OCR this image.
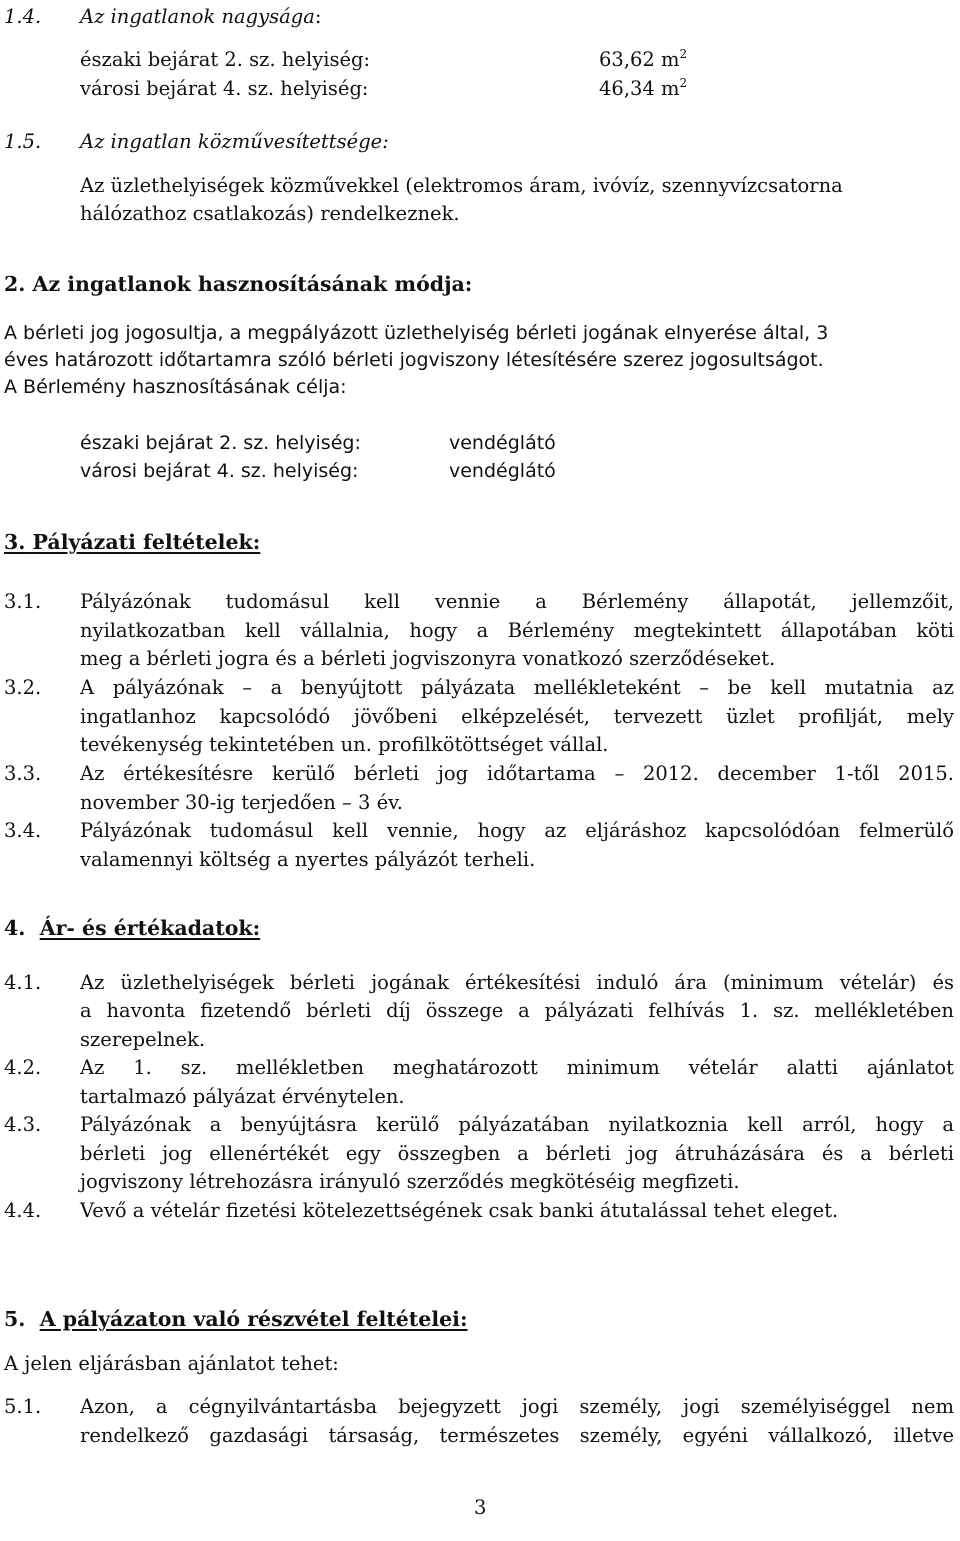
1.4. Az ingatlanok nagysága:
északi bejárat 2. sz. helyiség:	63,62 $m^2$
városi bejárat 4. sz. helyiség:	46,34 $m^2$
1.5. Az ingatlan közművesítettsége:
Az üzlethelyiségek közművekkel (elektromos áram, ivóvíz, szennyvízcsatorna
hálózathoz csatlakozás) rendelkeznek.
2. Az ingatlanok hasznosításának módja:
A bérleti jog jogosultja, a megpályázott üzlethelyiség bérleti jogának elnyerése által, 3
éves határozott időtartamra szóló bérleti jogviszony létesítésére szerez jogosultságot.
A Bérlemény hasznosításának célja:
északi bejárat 2. sz. helyiség:	vendéglátó
városi bejárat 4. sz. helyiség:	vendéglátó
3. Pályázati feltételek:
3.1. Pályázónak tudomásul kell vennie a Bérlemény állapotát, jellemzőit,
nyilatkozatban kell vállalnia, hogy a Bérlemény megtekintett állapotában köti
meg a bérleti jogra és a bérleti jogviszonyra vonatkozó szerződéseket.
3.2. A pályázónak – a benyújtott pályázata mellékleteként – be kell mutatnia az
ingatlanhoz kapcsolódó jövőbeni elképzelését, tervezett üzlet profilját, mely
tevékenység tekintetében un. profilkötöttséget vállal.
3.3. Az értékesítésre kerülő bérleti jog időtartama – 2012. december 1-től 2015.
november 30-ig terjedően – 3 év.
3.4. Pályázónak tudomásul kell vennie, hogy az eljáráshoz kapcsolódóan felmerülő
valamennyi költség a nyertes pályázót terheli.
4. Ár- és értékadatok:
4.1. Az üzlethelyiségek bérleti jogának értékesítési induló ára (minimum vételár) és
a havonta fizetendő bérleti díj összege a pályázati felhívás 1. sz. mellékletében
szerepelnek.
4.2. Az 1. sz. mellékletben meghatározott minimum vételár alatti ajánlatot
tartalmazó pályázat érvénytelen.
4.3. Pályázónak a benyújtásra kerülő pályázatában nyilatkoznia kell arról, hogy a
bérleti jog ellenértékét egy összegben a bérleti jog átruházására és a bérleti
jogviszony létrehozásra irányuló szerződés megkötéséig megfizeti.
4.4. Vevő a vételár fizetési kötelezettségének csak banki átutalással tehet eleget.
5. A pályázaton való részvétel feltételei:
A jelen eljárásban ajánlatot tehet:
5.1. Azon, a cégnyilvántartásba bejegyzett jogi személy, jogi személyiséggel nem
rendelkező gazdasági társaság, természetes személy, egyéni vállalkozó, illetve
3
